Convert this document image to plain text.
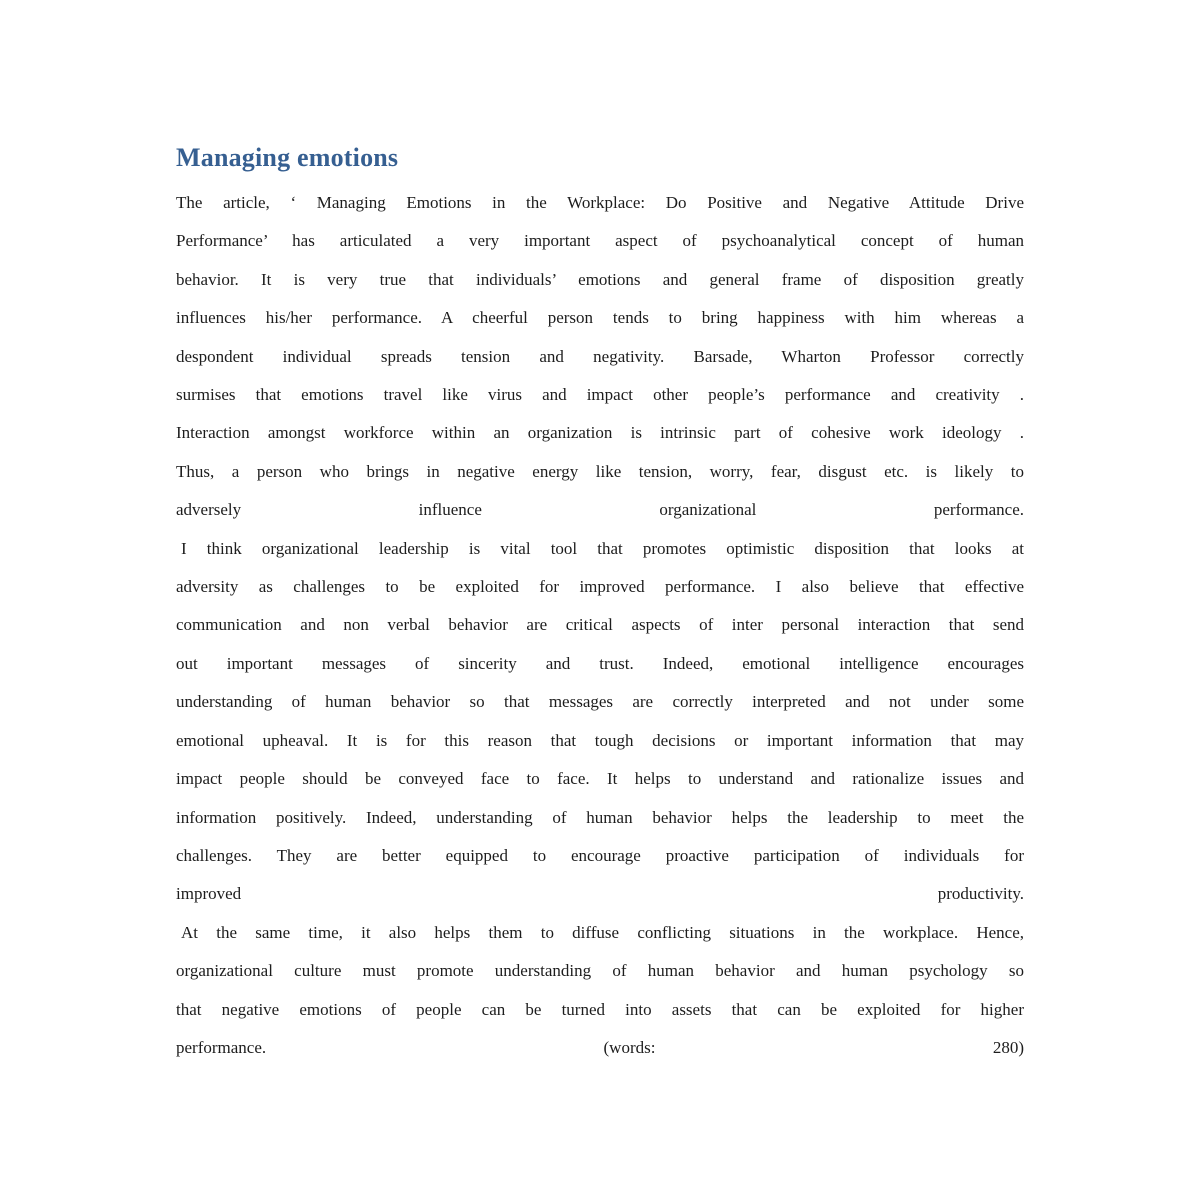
Managing emotions
The article, ‘ Managing Emotions in the Workplace: Do Positive and Negative Attitude Drive
Performance’ has articulated a very important aspect of psychoanalytical concept of human
behavior. It is very true that individuals’ emotions and general frame of disposition greatly
influences his/her performance. A cheerful person tends to bring happiness with him whereas a
despondent individual spreads tension and negativity. Barsade, Wharton Professor correctly
surmises that emotions travel like virus and impact other people’s performance and creativity .
Interaction amongst workforce within an organization is intrinsic part of cohesive work ideology .
Thus, a person who brings in negative energy like tension, worry, fear, disgust etc. is likely to
adversely influence organizational performance.
I think organizational leadership is vital tool that promotes optimistic disposition that looks at
adversity as challenges to be exploited for improved performance. I also believe that effective
communication and non verbal behavior are critical aspects of inter personal interaction that send
out important messages of sincerity and trust. Indeed, emotional intelligence encourages
understanding of human behavior so that messages are correctly interpreted and not under some
emotional upheaval. It is for this reason that tough decisions or important information that may
impact people should be conveyed face to face. It helps to understand and rationalize issues and
information positively. Indeed, understanding of human behavior helps the leadership to meet the
challenges. They are better equipped to encourage proactive participation of individuals for
improved productivity.
At the same time, it also helps them to diffuse conflicting situations in the workplace. Hence,
organizational culture must promote understanding of human behavior and human psychology so
that negative emotions of people can be turned into assets that can be exploited for higher
performance. (words: 280)
